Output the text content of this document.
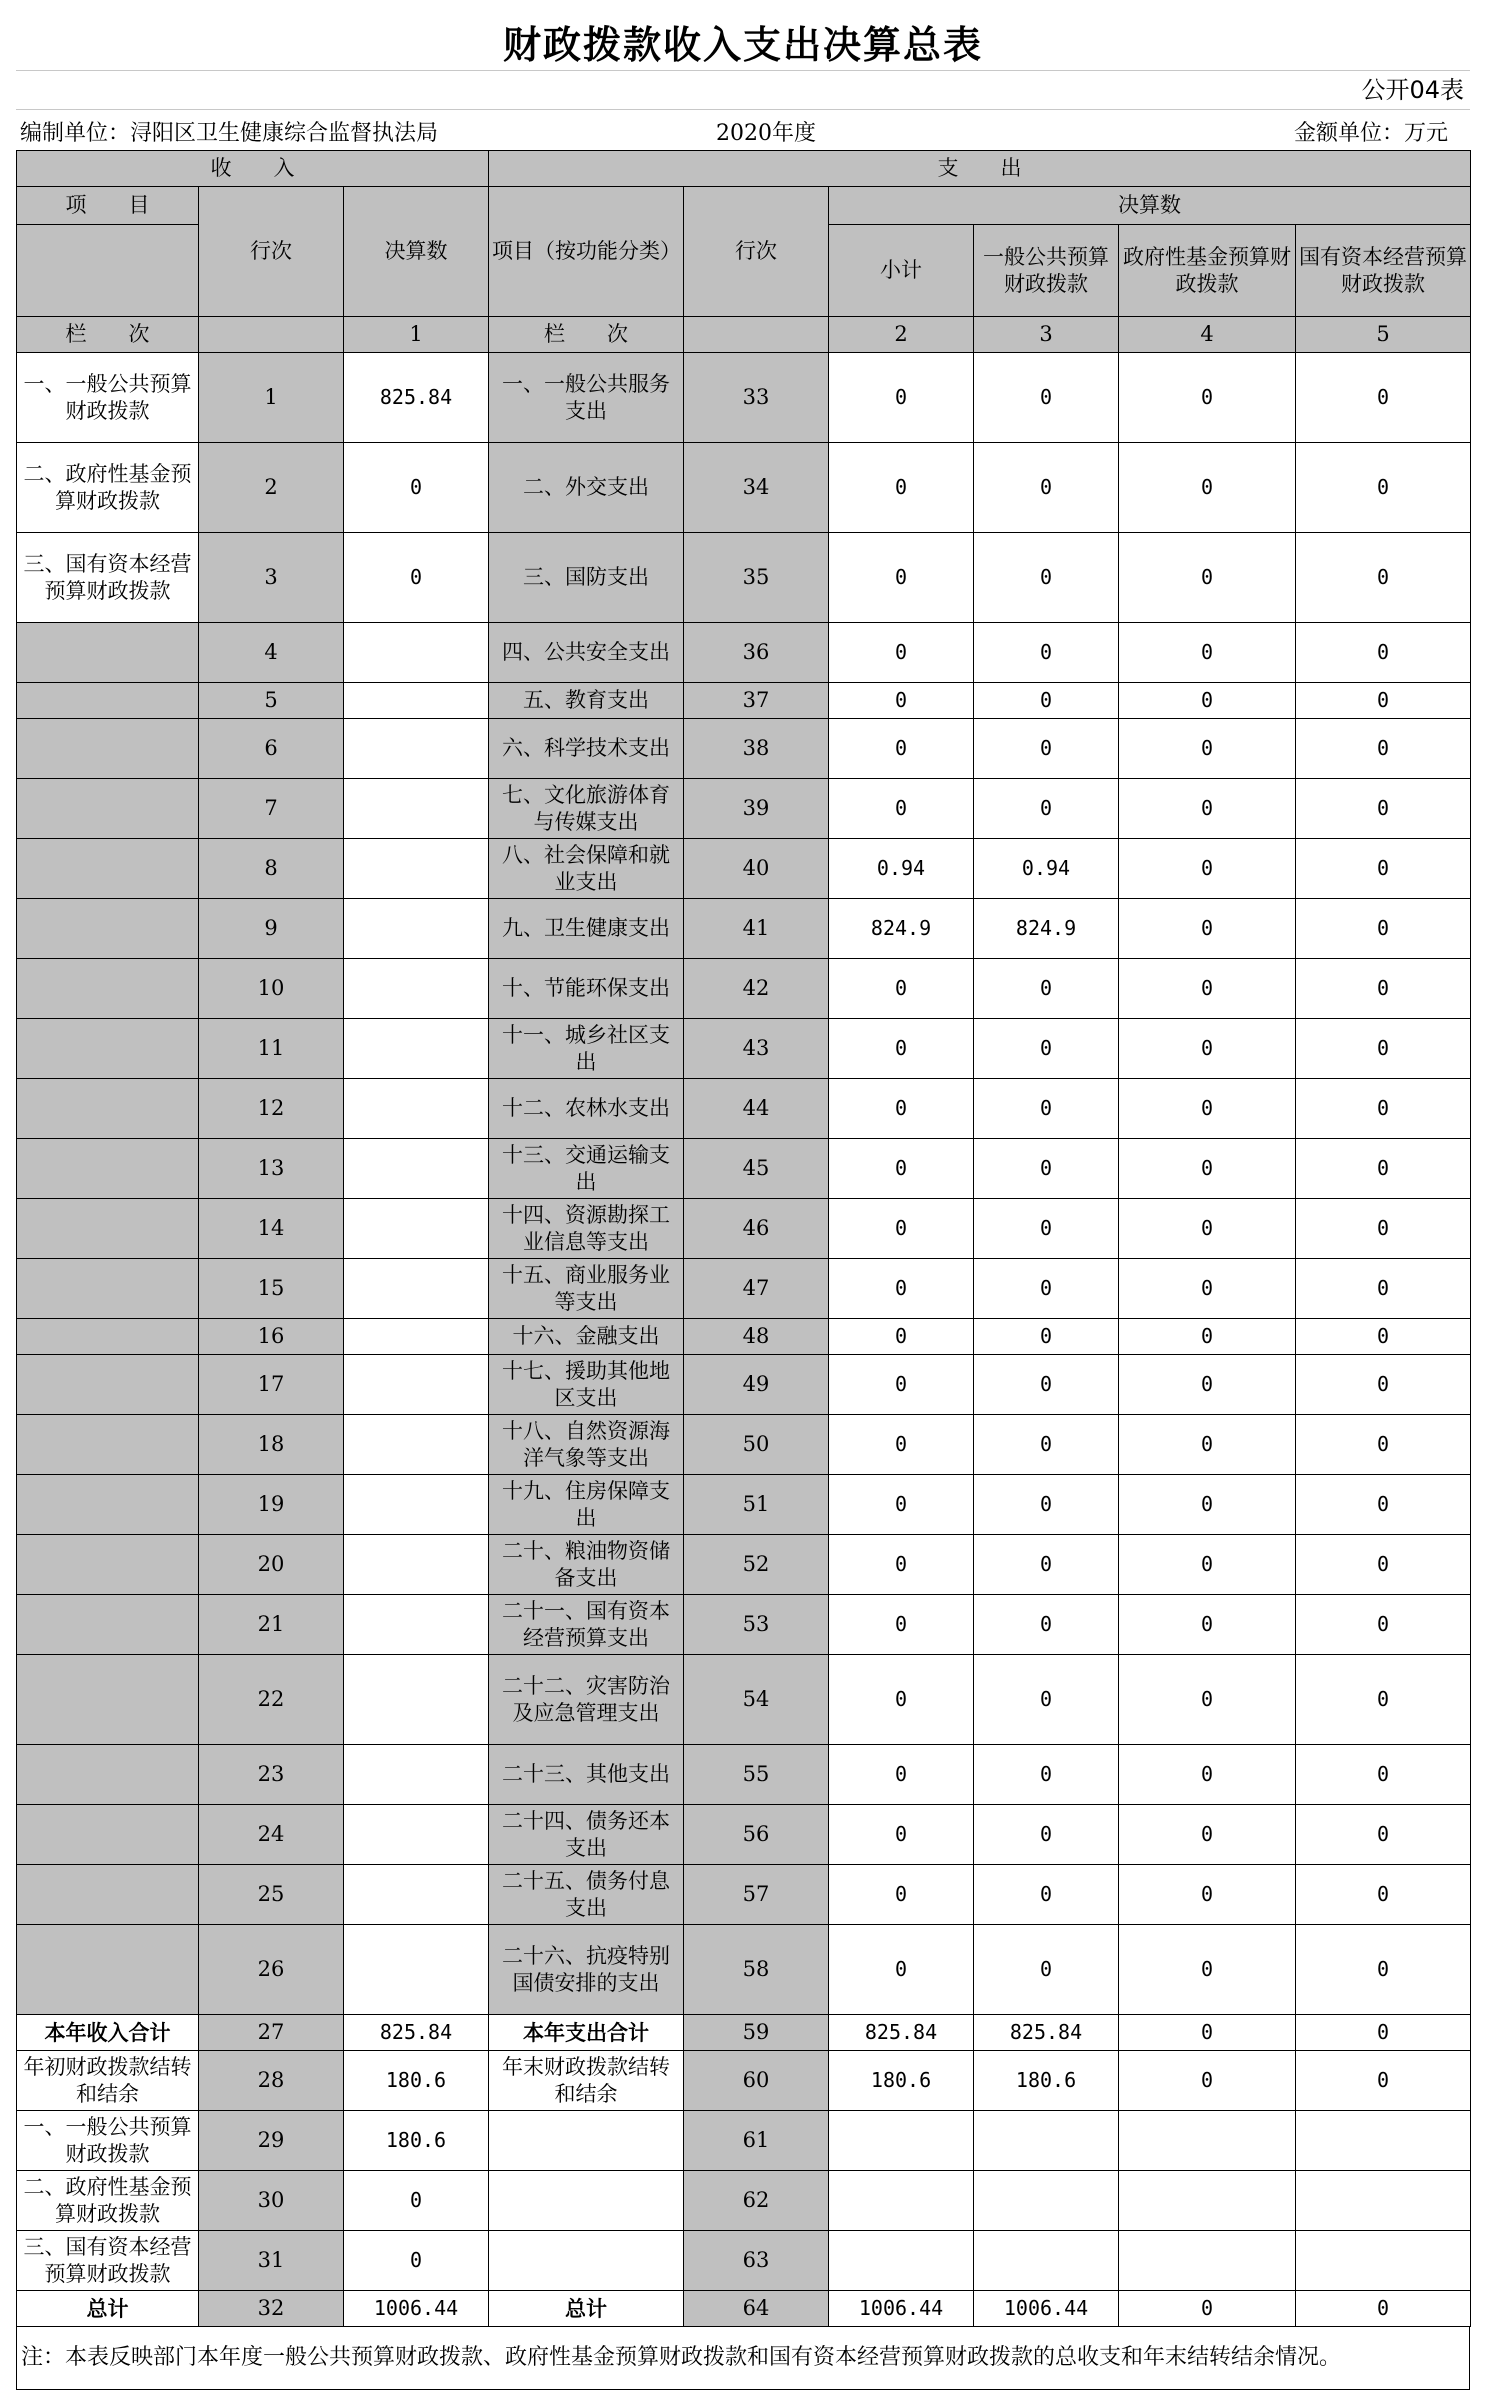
财政拨款收入支出决算总表
公开04表
编制单位：浔阳区卫生健康综合监督执法局	2020年度	金额单位：万元
收　　入			支　　出					
项　　目	行次	决算数	项目（按功能分类）	行次	决算数			
					小计	一般公共预算财政拨款	政府性基金预算财政拨款	国有资本经营预算财政拨款
栏　　次		1	栏　　次		2	3	4	5
一、一般公共预算财政拨款	1	825.84	一、一般公共服务支出	33	0	0	0	0
二、政府性基金预算财政拨款	2	0	二、外交支出	34	0	0	0	0
三、国有资本经营预算财政拨款	3	0	三、国防支出	35	0	0	0	0
	4		四、公共安全支出	36	0	0	0	0
	5		五、教育支出	37	0	0	0	0
	6		六、科学技术支出	38	0	0	0	0
	7		七、文化旅游体育与传媒支出	39	0	0	0	0
	8		八、社会保障和就业支出	40	0.94	0.94	0	0
	9		九、卫生健康支出	41	824.9	824.9	0	0
	10		十、节能环保支出	42	0	0	0	0
	11		十一、城乡社区支出	43	0	0	0	0
	12		十二、农林水支出	44	0	0	0	0
	13		十三、交通运输支出	45	0	0	0	0
	14		十四、资源勘探工业信息等支出	46	0	0	0	0
	15		十五、商业服务业等支出	47	0	0	0	0
	16		十六、金融支出	48	0	0	0	0
	17		十七、援助其他地区支出	49	0	0	0	0
	18		十八、自然资源海洋气象等支出	50	0	0	0	0
	19		十九、住房保障支出	51	0	0	0	0
	20		二十、粮油物资储备支出	52	0	0	0	0
	21		二十一、国有资本经营预算支出	53	0	0	0	0
	22		二十二、灾害防治及应急管理支出	54	0	0	0	0
	23		二十三、其他支出	55	0	0	0	0
	24		二十四、债务还本支出	56	0	0	0	0
	25		二十五、债务付息支出	57	0	0	0	0
	26		二十六、抗疫特别国债安排的支出	58	0	0	0	0
本年收入合计	27	825.84	本年支出合计	59	825.84	825.84	0	0
年初财政拨款结转和结余	28	180.6	年末财政拨款结转和结余	60	180.6	180.6	0	0
一、一般公共预算财政拨款	29	180.6		61				
二、政府性基金预算财政拨款	30	0		62				
三、国有资本经营预算财政拨款	31	0		63				
总计	32	1006.44	总计	64	1006.44	1006.44	0	0
注：本表反映部门本年度一般公共预算财政拨款、政府性基金预算财政拨款和国有资本经营预算财政拨款的总收支和年末结转结余情况。
